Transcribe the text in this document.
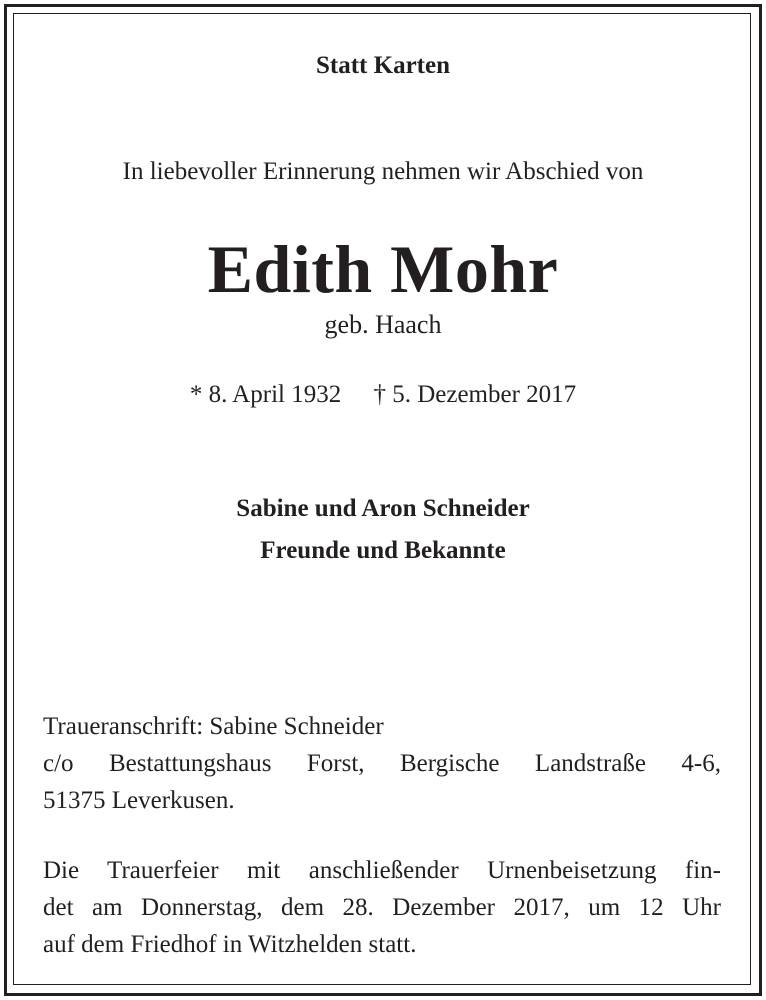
Statt Karten
In liebevoller Erinnerung nehmen wir Abschied von
Edith Mohr
geb. Haach
* 8. April 1932 † 5. Dezember 2017
Sabine und Aron Schneider
Freunde und Bekannte
Traueranschrift: Sabine Schneider
c/o Bestattungshaus Forst, Bergische Landstraße 4-6,
51375 Leverkusen.
Die Trauerfeier mit anschließender Urnenbeisetzung fin-
det am Donnerstag, dem 28. Dezember 2017, um 12 Uhr
auf dem Friedhof in Witzhelden statt.
